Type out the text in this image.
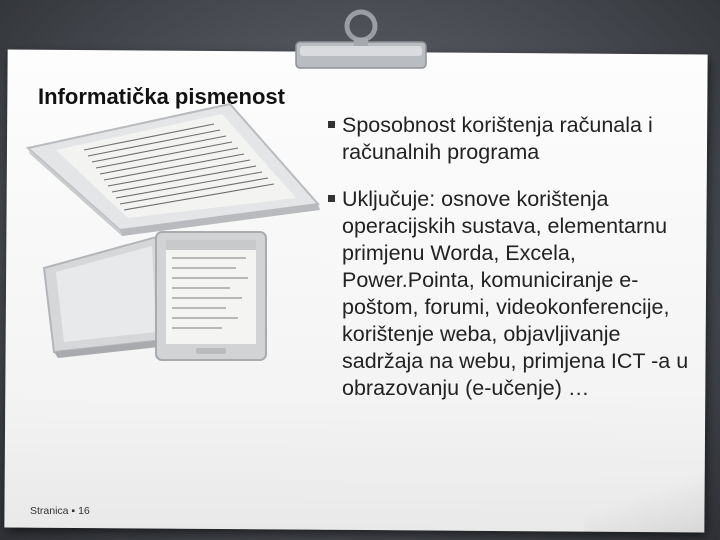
Informatička pismenost
Sposobnost korištenja računala i računalnih programa
Uključuje: osnove korištenja operacijskih sustava, elementarnu primjenu Worda, Excela, Power.Pointa, komuniciranje e-poštom, forumi, videokonferencije, korištenje weba, objavljivanje sadržaja na webu, primjena ICT -a u obrazovanju (e-učenje) …
Stranica ▪ 16
